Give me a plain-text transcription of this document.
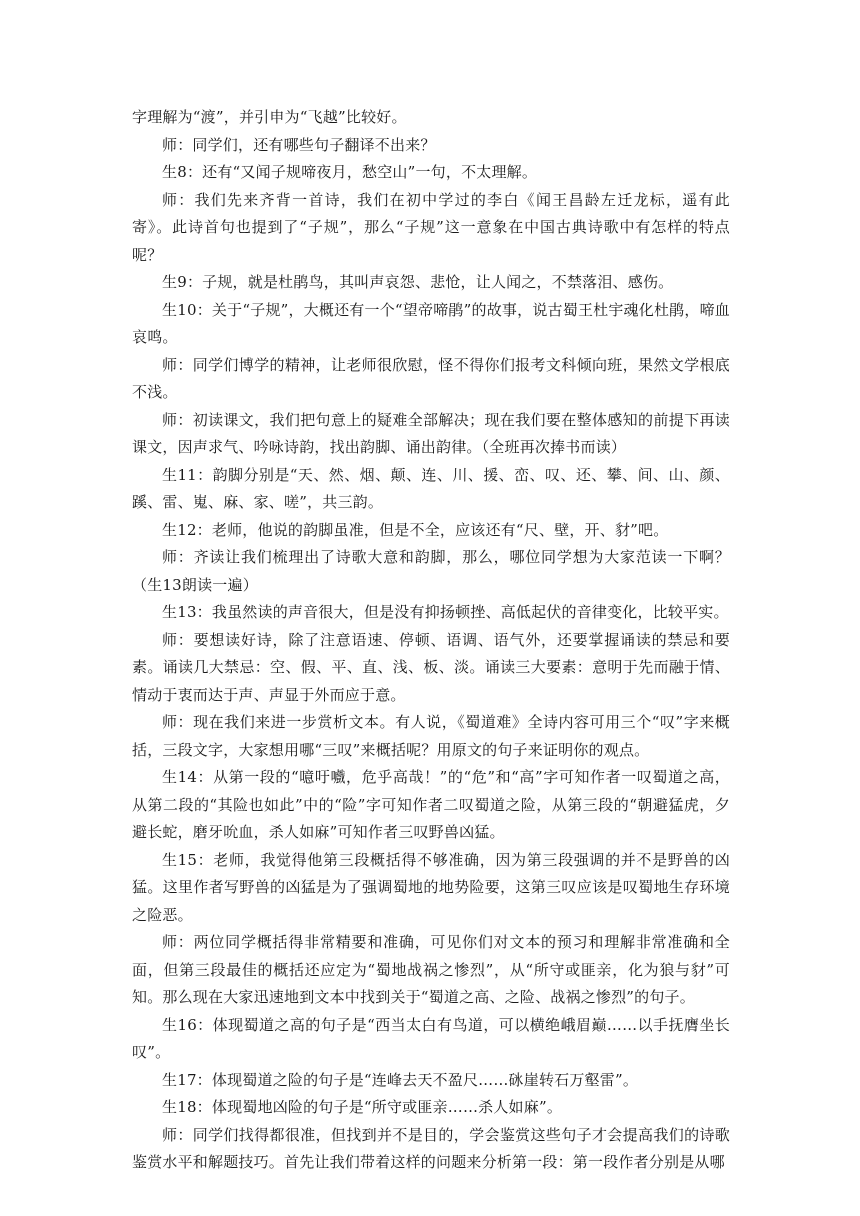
字理解为“渡”，并引申为“飞越”比较好。

师：同学们，还有哪些句子翻译不出来？

生8：还有“又闻子规啼夜月，愁空山”一句，不太理解。

师：我们先来齐背一首诗，我们在初中学过的李白《闻王昌龄左迁龙标，遥有此寄》。此诗首句也提到了“子规”，那么“子规”这一意象在中国古典诗歌中有怎样的特点呢？

生9：子规，就是杜鹃鸟，其叫声哀怨、悲怆，让人闻之，不禁落泪、感伤。

生10：关于“子规”，大概还有一个“望帝啼鹃”的故事，说古蜀王杜宇魂化杜鹃，啼血哀鸣。

师：同学们博学的精神，让老师很欣慰，怪不得你们报考文科倾向班，果然文学根底不浅。

师：初读课文，我们把句意上的疑难全部解决；现在我们要在整体感知的前提下再读课文，因声求气、吟咏诗韵，找出韵脚、诵出韵律。（全班再次捧书而读）

生11：韵脚分别是“天、然、烟、颠、连、川、援、峦、叹、还、攀、间、山、颜、蹊、雷、嵬、麻、家、嗟”，共三韵。

生12：老师，他说的韵脚虽准，但是不全，应该还有“尺、壁，开、豺”吧。

师：齐读让我们梳理出了诗歌大意和韵脚，那么，哪位同学想为大家范读一下啊？（生13朗读一遍）

生13：我虽然读的声音很大，但是没有抑扬顿挫、高低起伏的音律变化，比较平实。

师：要想读好诗，除了注意语速、停顿、语调、语气外，还要掌握诵读的禁忌和要素。诵读几大禁忌：空、假、平、直、浅、板、淡。诵读三大要素：意明于先而融于情、情动于衷而达于声、声显于外而应于意。

师：现在我们来进一步赏析文本。有人说，《蜀道难》全诗内容可用三个“叹”字来概括，三段文字，大家想用哪“三叹”来概括呢？用原文的句子来证明你的观点。

生14：从第一段的“噫吁嚱，危乎高哉！”的“危”和“高”字可知作者一叹蜀道之高，从第二段的“其险也如此”中的“险”字可知作者二叹蜀道之险，从第三段的“朝避猛虎，夕避长蛇，磨牙吮血，杀人如麻”可知作者三叹野兽凶猛。

生15：老师，我觉得他第三段概括得不够准确，因为第三段强调的并不是野兽的凶猛。这里作者写野兽的凶猛是为了强调蜀地的地势险要，这第三叹应该是叹蜀地生存环境之险恶。

师：两位同学概括得非常精要和准确，可见你们对文本的预习和理解非常准确和全面，但第三段最佳的概括还应定为“蜀地战祸之惨烈”，从“所守或匪亲，化为狼与豺”可知。那么现在大家迅速地到文本中找到关于“蜀道之高、之险、战祸之惨烈”的句子。

生16：体现蜀道之高的句子是“西当太白有鸟道，可以横绝峨眉巅……以手抚膺坐长叹”。

生17：体现蜀道之险的句子是“连峰去天不盈尺……砯崖转石万壑雷”。

生18：体现蜀地凶险的句子是“所守或匪亲……杀人如麻”。

师：同学们找得都很准，但找到并不是目的，学会鉴赏这些句子才会提高我们的诗歌鉴赏水平和解题技巧。首先让我们带着这样的问题来分析第一段：第一段作者分别是从哪
